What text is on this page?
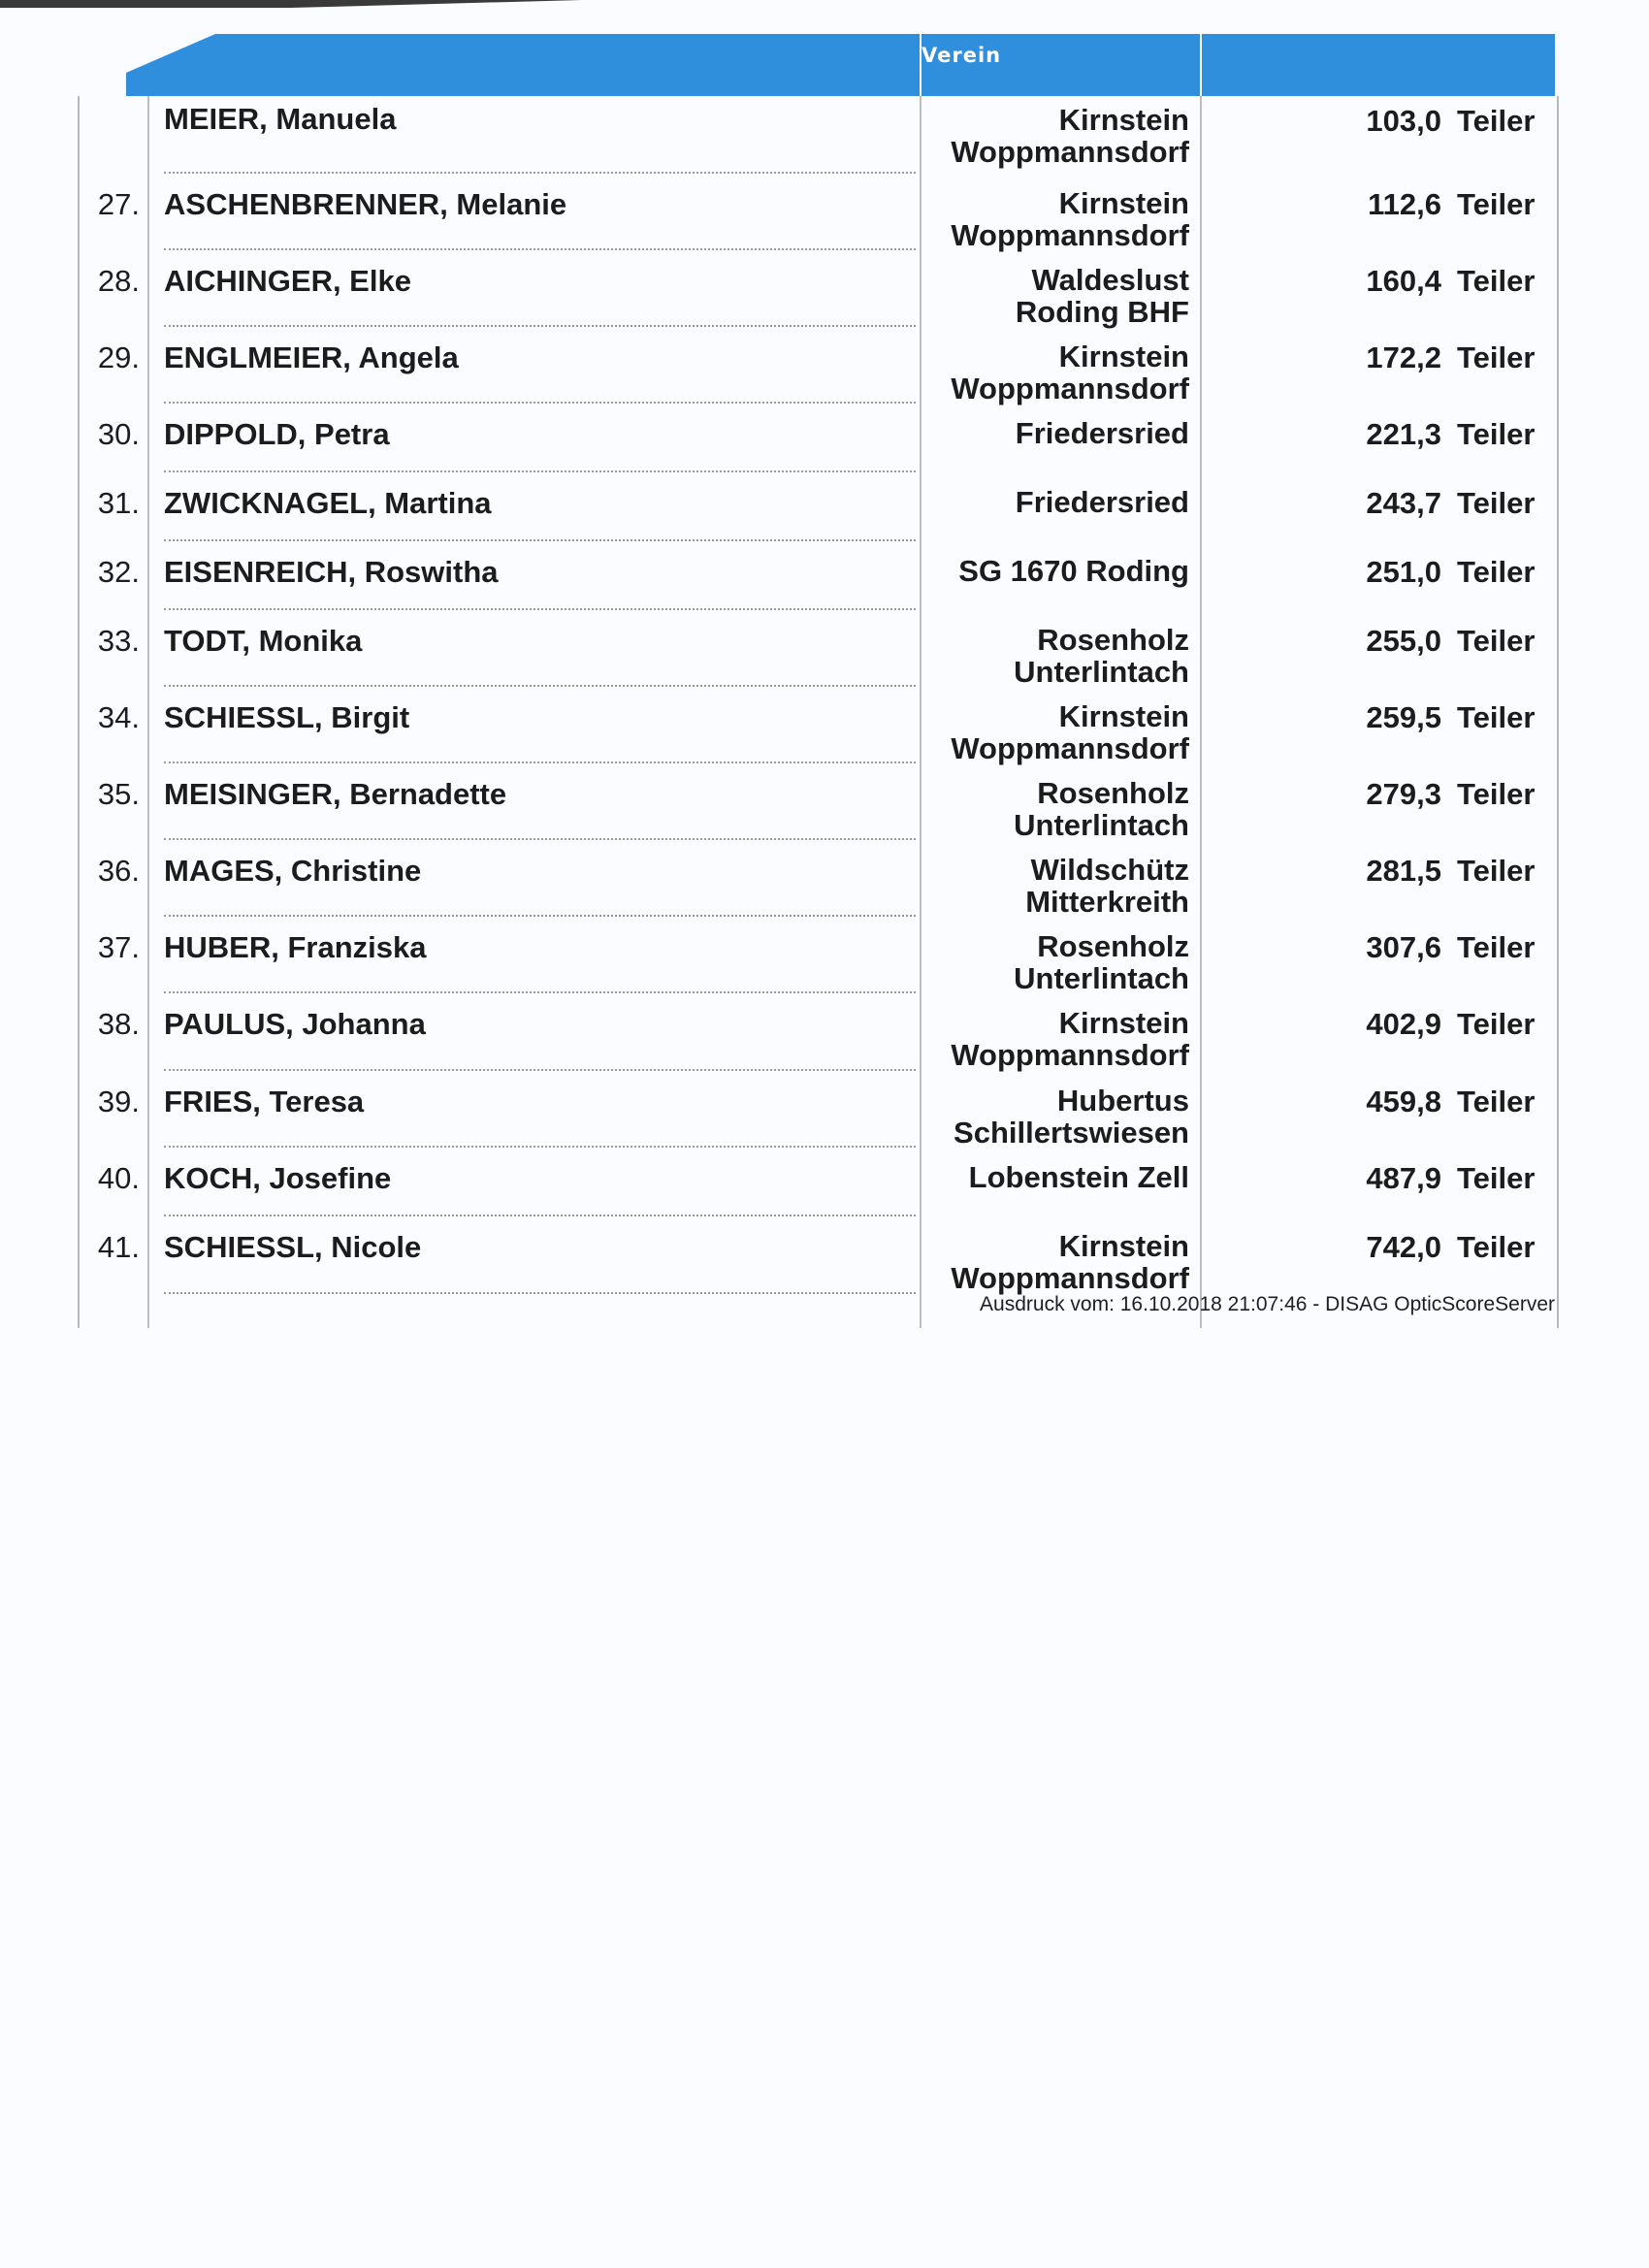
Verein
MEIER, Manuela	Kirnstein
Woppmannsdorf
103,0 Teiler
27. ASCHENBRENNER, Melanie	Kirnstein
Woppmannsdorf
112,6 Teiler
28. AICHINGER, Elke	Waldeslust
Roding BHF
160,4 Teiler
29. ENGLMEIER, Angela	Kirnstein
Woppmannsdorf
172,2 Teiler
30. DIPPOLD, Petra	Friedersried	221,3 Teiler
31. ZWICKNAGEL, Martina	Friedersried	243,7 Teiler
32. EISENREICH, Roswitha	SG 1670 Roding	251,0 Teiler
33. TODT, Monika	Rosenholz
Unterlintach
255,0 Teiler
34. SCHIESSL, Birgit	Kirnstein
Woppmannsdorf
259,5 Teiler
35. MEISINGER, Bernadette	Rosenholz
Unterlintach
279,3 Teiler
36. MAGES, Christine	Wildschütz
Mitterkreith
281,5 Teiler
37. HUBER, Franziska	Rosenholz
Unterlintach
307,6 Teiler
38. PAULUS, Johanna	Kirnstein
Woppmannsdorf
402,9 Teiler
39. FRIES, Teresa	Hubertus
Schillertswiesen
459,8 Teiler
40. KOCH, Josefine	Lobenstein Zell	487,9 Teiler
41. SCHIESSL, Nicole	Kirnstein
Woppmannsdorf
742,0 Teiler
Ausdruck vom: 16.10.2018 21:07:46 - DISAG OpticScoreServer
